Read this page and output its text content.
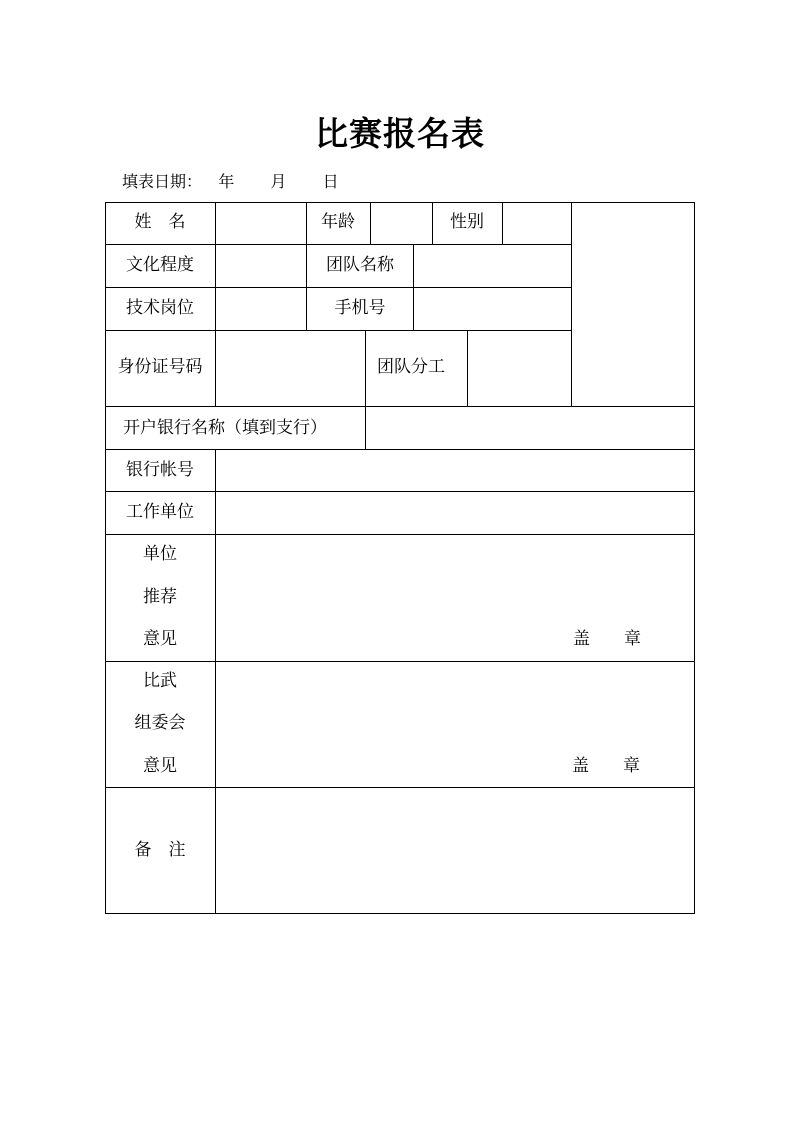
比赛报名表
填表日期： 年 月 日
姓　名	年龄	性别
文化程度	团队名称
技术岗位	手机号
身份证号码	团队分工
开户银行名称（填到支行）
银行帐号
工作单位
单位
推荐
意见	盖　　章
比武
组委会
意见	盖　　章
备　注
